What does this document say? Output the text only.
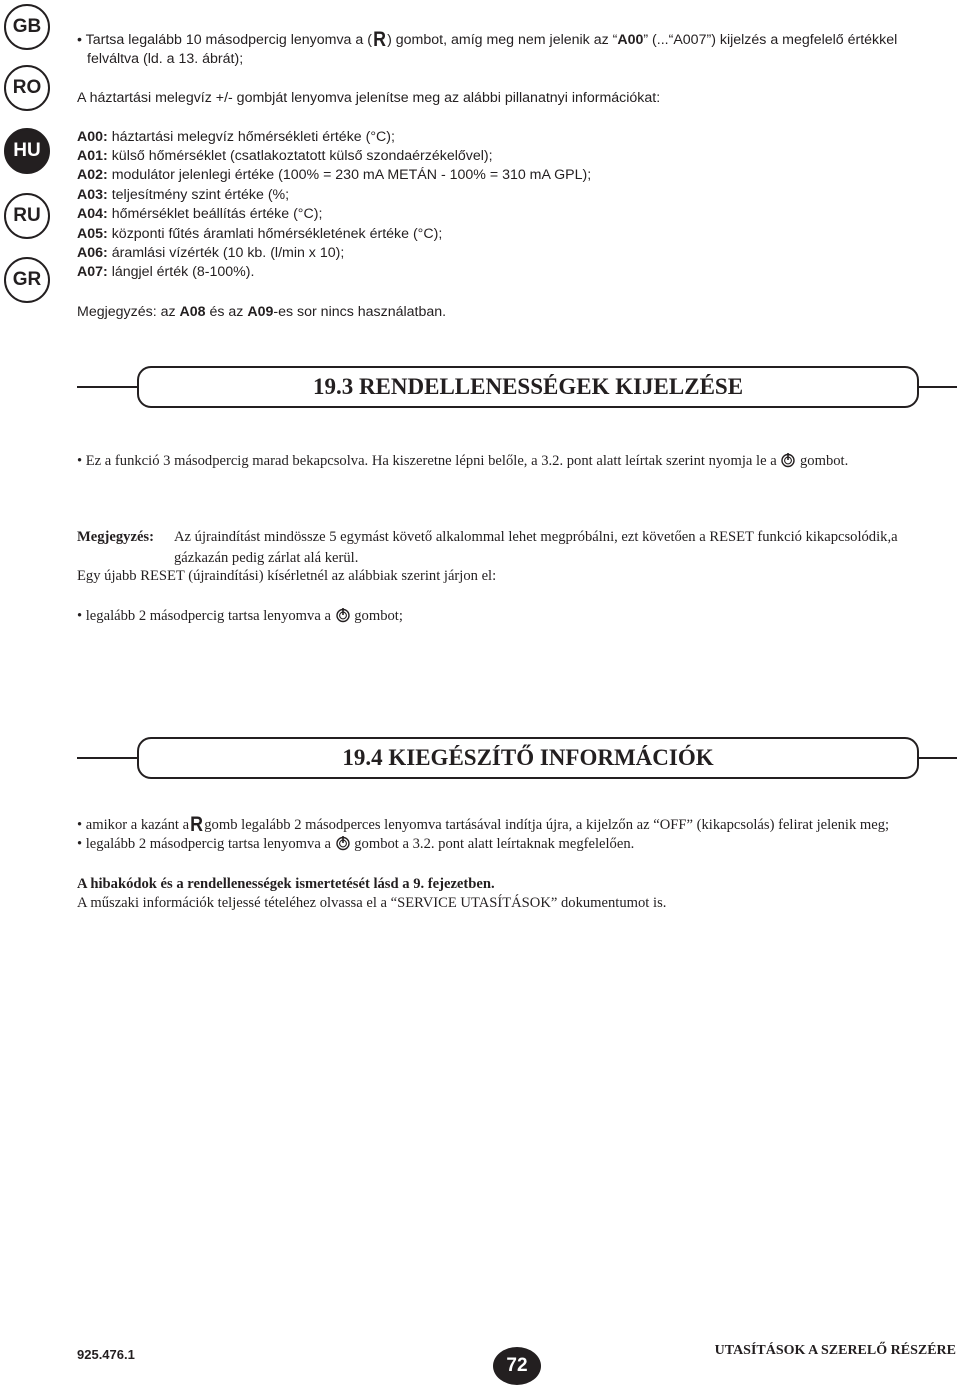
GB
RO
HU
RU
GR
• Tartsa legalább 10 másodpercig lenyomva a (R) gombot, amíg meg nem jelenik az “A00” (...“A007”) kijelzés a megfelelő értékkel
felváltva (ld. a 13. ábrát);
A háztartási melegvíz +/- gombját lenyomva jelenítse meg az alábbi pillanatnyi információkat:
A00: háztartási melegvíz hőmérsékleti értéke (°C);
A01: külső hőmérséklet (csatlakoztatott külső szondaérzékelővel);
A02: modulátor jelenlegi értéke (100% = 230 mA METÁN - 100% = 310 mA GPL);
A03: teljesítmény szint értéke (%;
A04: hőmérséklet beállítás értéke (°C);
A05: központi fűtés áramlati hőmérsékletének értéke (°C);
A06: áramlási vízérték (10 kb. (l/min x 10);
A07: lángjel érték (8-100%).
Megjegyzés: az A08 és az A09-es sor nincs használatban.
19.3 RENDELLENESSÉGEK KIJELZÉSE
• Ez a funkció 3 másodpercig marad bekapcsolva. Ha kiszeretne lépni belőle, a 3.2. pont alatt leírtak szerint nyomja le a gombot.
Megjegyzés: Az újraindítást mindössze 5 egymást követő alkalommal lehet megpróbálni, ezt követően a RESET funkció kikapcsolódik,a
gázkazán pedig zárlat alá kerül.
Egy újabb RESET (újraindítási) kísérletnél az alábbiak szerint járjon el:
• legalább 2 másodpercig tartsa lenyomva a gombot;
19.4 KIEGÉSZÍTŐ INFORMÁCIÓK
• amikor a kazánt aRgomb legalább 2 másodperces lenyomva tartásával indítja újra, a kijelzőn az “OFF” (kikapcsolás) felirat jelenik meg;
• legalább 2 másodpercig tartsa lenyomva a gombot a 3.2. pont alatt leírtaknak megfelelően.
A hibakódok és a rendellenességek ismertetését lásd a 9. fejezetben.
A műszaki információk teljessé tételéhez olvassa el a “SERVICE UTASÍTÁSOK” dokumentumot is.
925.476.1
72
UTASÍTÁSOK A SZERELŐ RÉSZÉRE
